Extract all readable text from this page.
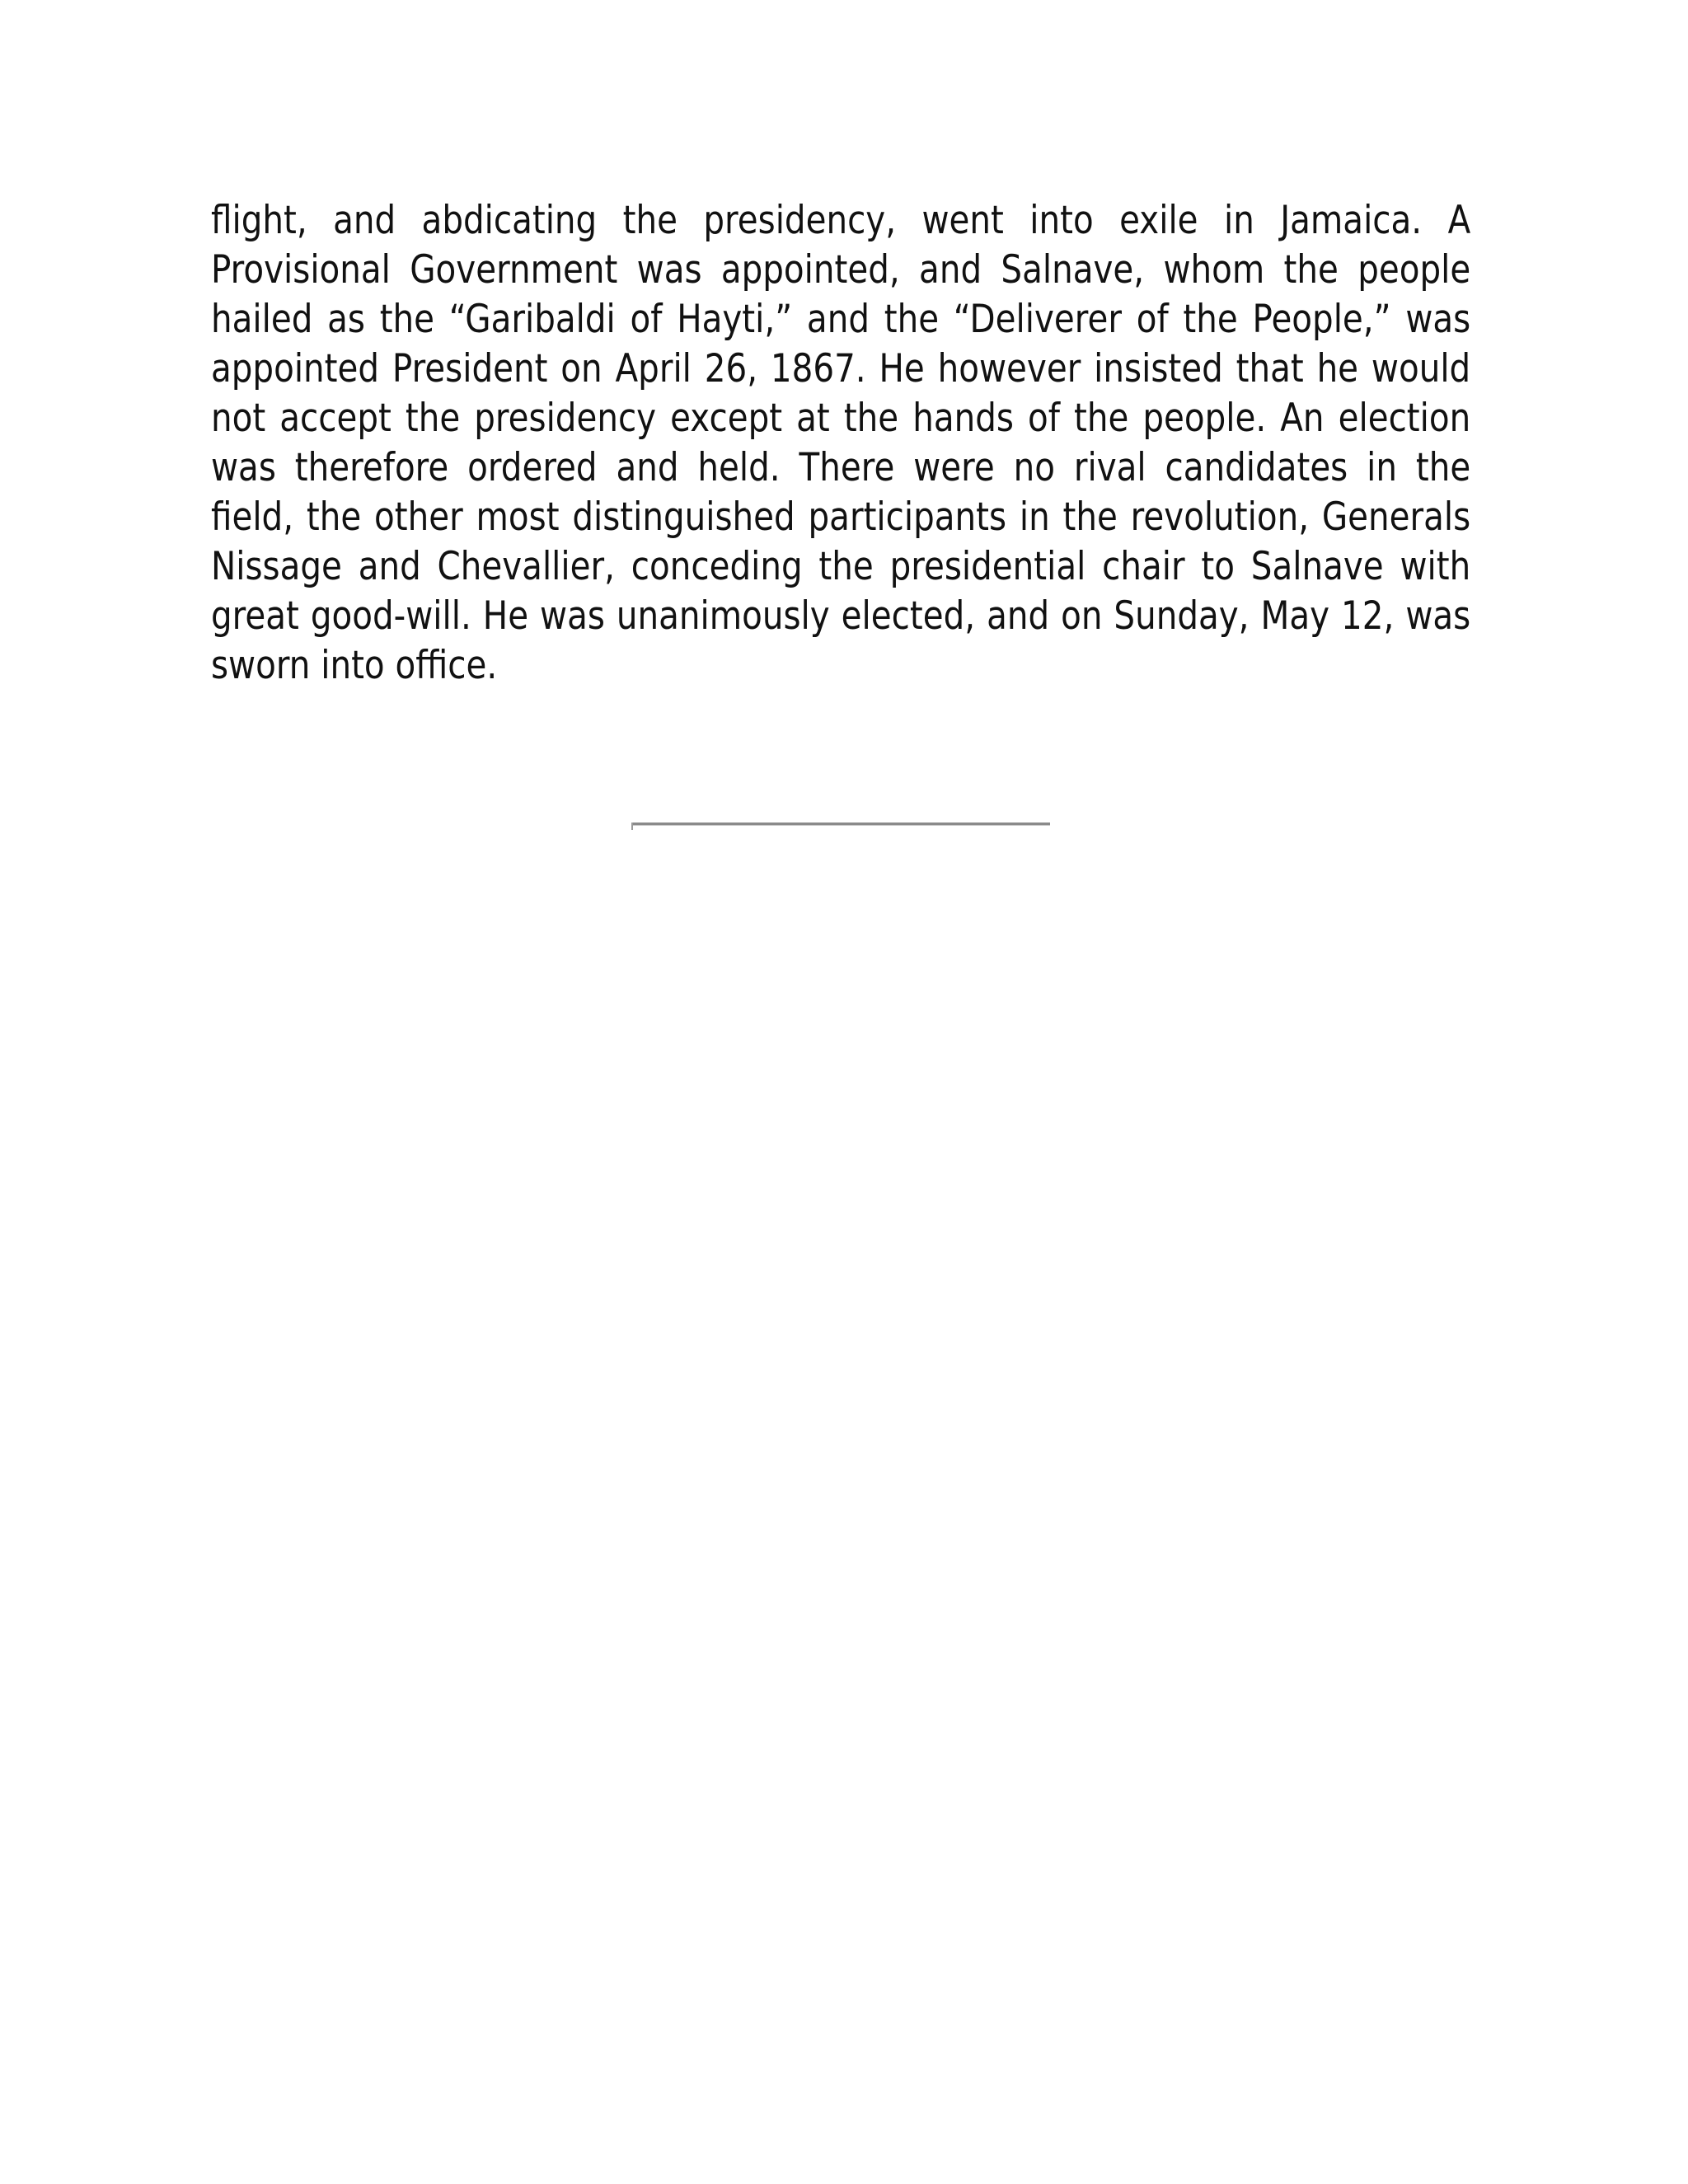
flight, and abdicating the presidency, went into exile in Jamaica. A Provisional Government was appointed, and Salnave, whom the people hailed as the “Garibaldi of Hayti,” and the “Deliverer of the People,” was appointed President on April 26, 1867. He however insisted that he would not accept the presidency except at the hands of the people. An election was therefore ordered and held. There were no rival candidates in the field, the other most distinguished participants in the revolution, Generals Nissage and Chevallier, conceding the presidential chair to Salnave with great good-will. He was unanimously elected, and on Sunday, May 12, was sworn into office.
